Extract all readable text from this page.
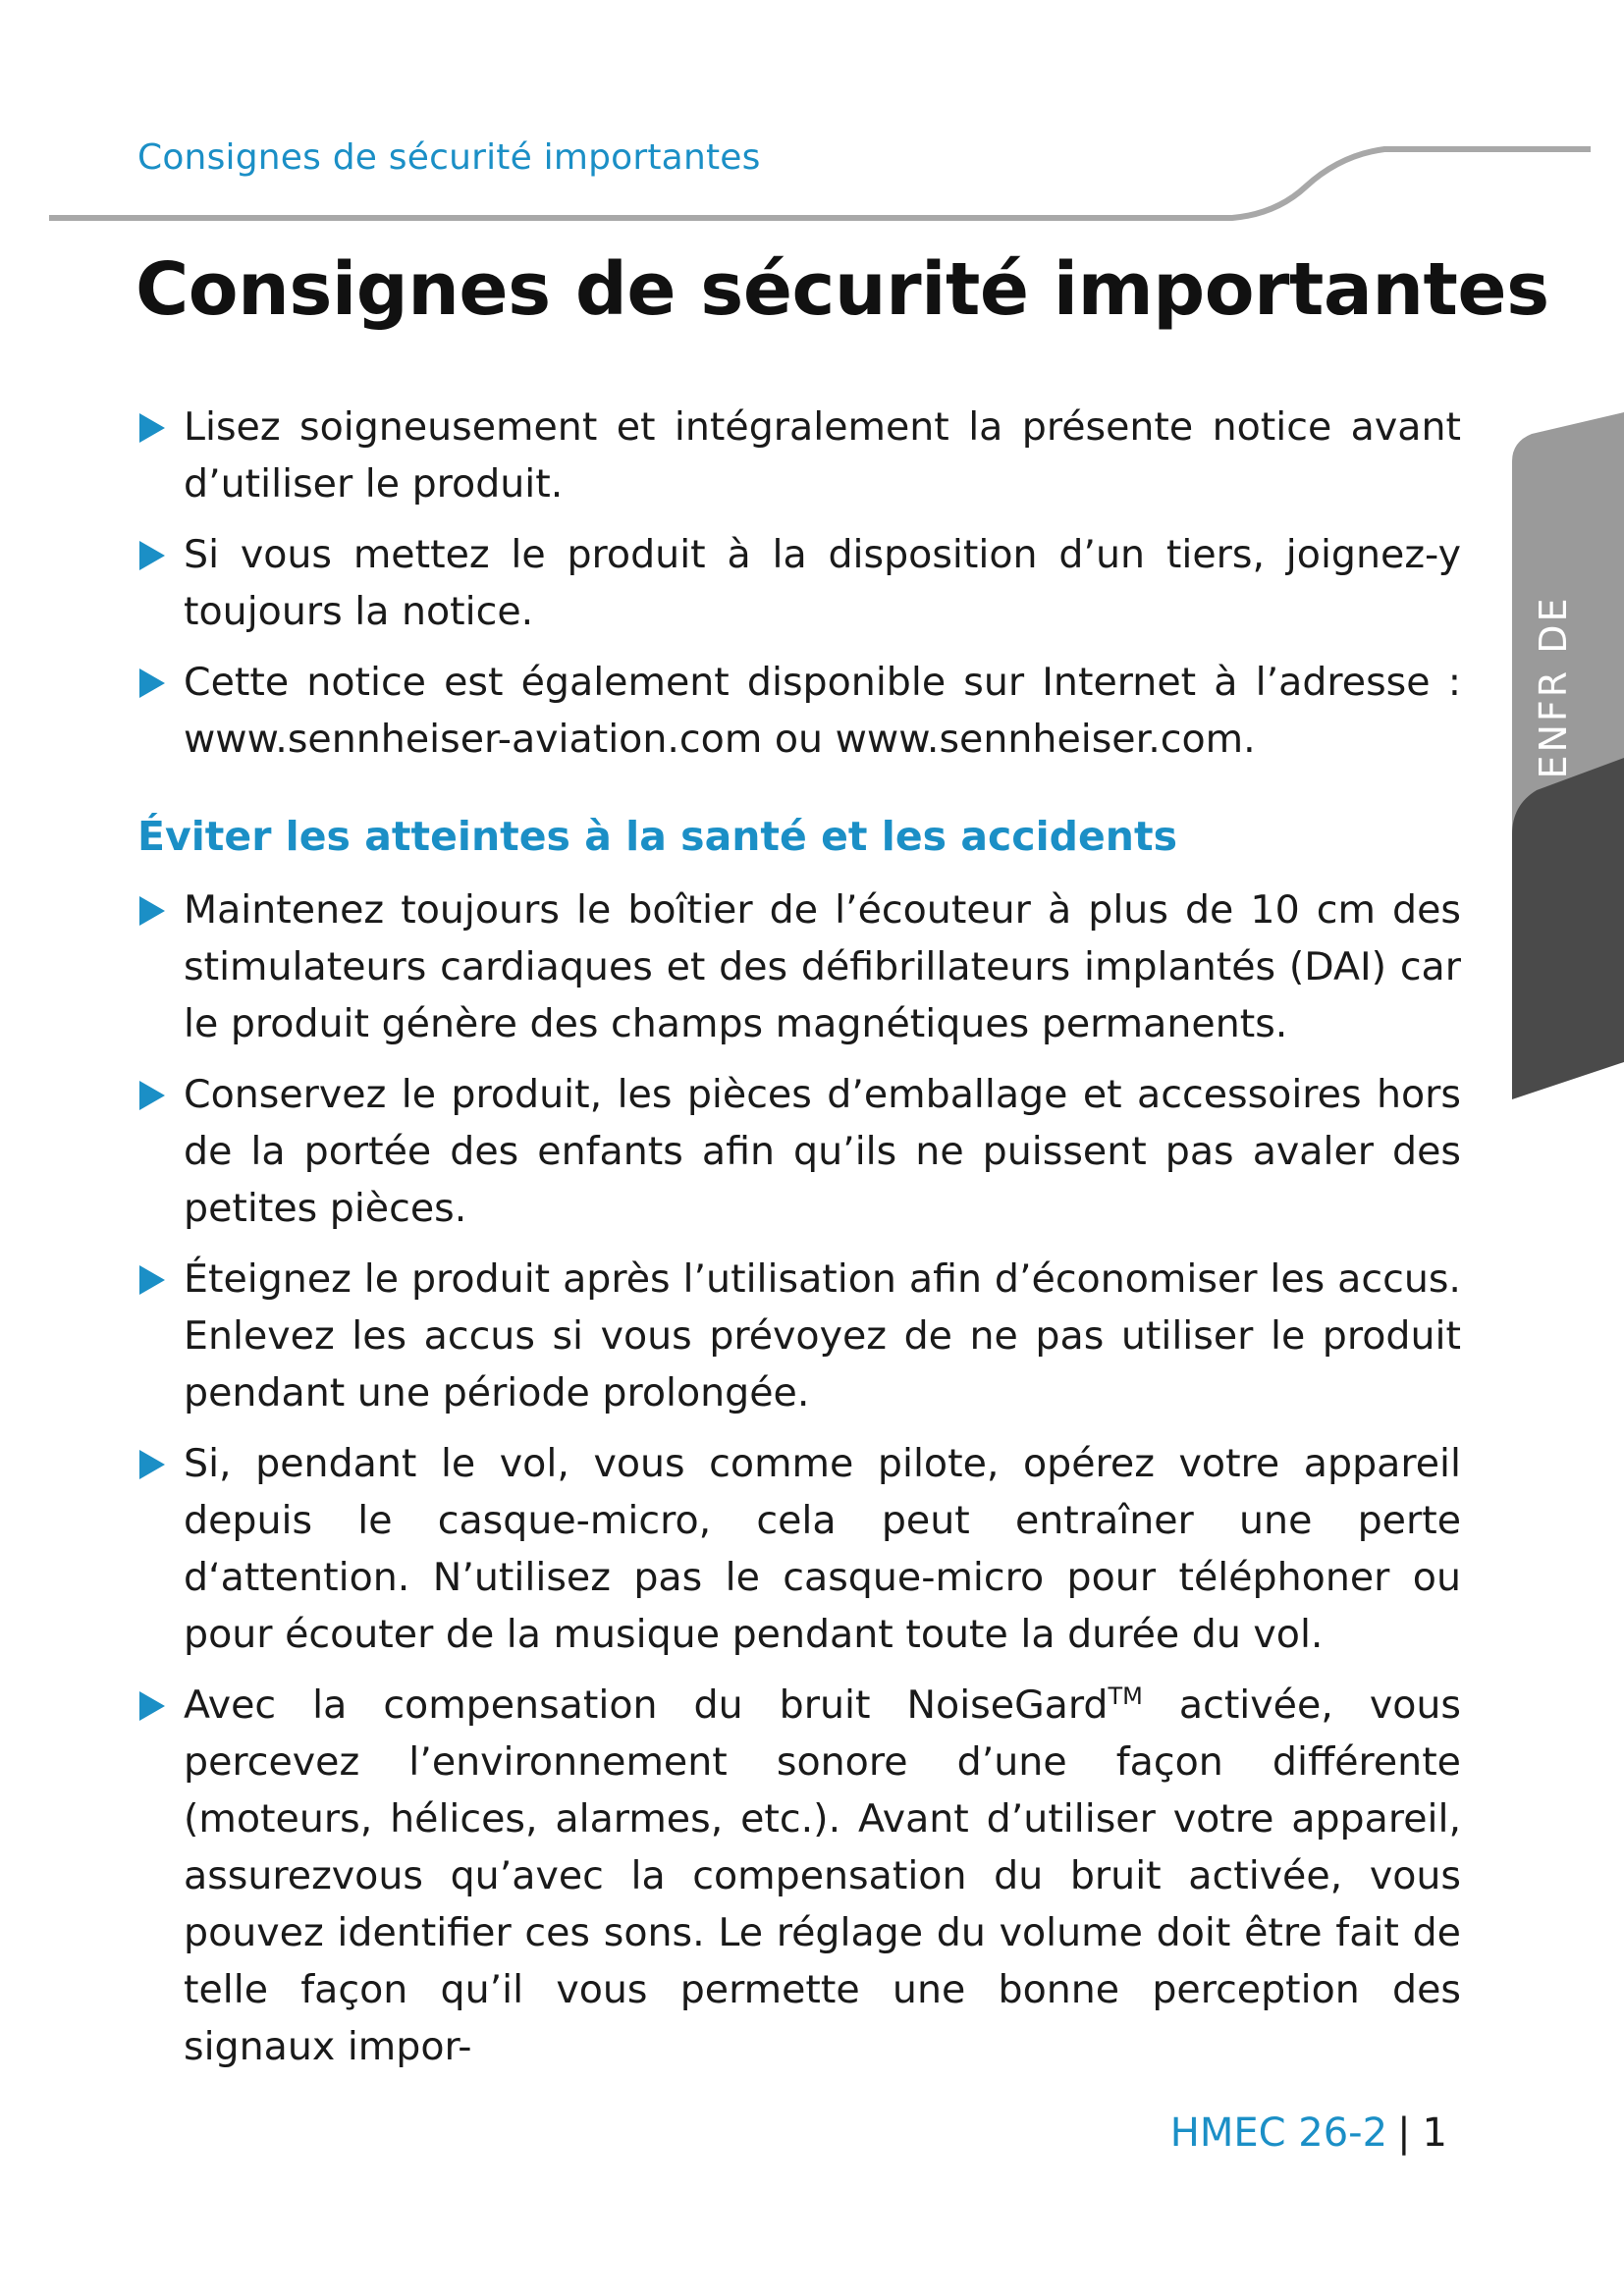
Consignes de sécurité importantes
Consignes de sécurité importantes

Lisez soigneusement et intégralement la présente notice avant d’utiliser le produit.

Si vous mettez le produit à la disposition d’un tiers, joignez-y toujours la notice.

Cette notice est également disponible sur Internet à l’adresse : www.sennheiser-aviation.com ou www.sennheiser.com.

Éviter les atteintes à la santé et les accidents

Maintenez toujours le boîtier de l’écouteur à plus de 10 cm des stimulateurs cardiaques et des défibrillateurs implantés (DAI) car le produit génère des champs magnétiques permanents.

Conservez le produit, les pièces d’emballage et accessoires hors de la portée des enfants afin qu’ils ne puissent pas avaler des petites pièces.

Éteignez le produit après l’utilisation afin d’économiser les accus. Enlevez les accus si vous prévoyez de ne pas utiliser le produit pendant une période prolongée.

Si, pendant le vol, vous comme pilote, opérez votre appareil depuis le casque-micro, cela peut entraîner une perte d‘attention. N’utilisez pas le casque-micro pour téléphoner ou pour écouter de la musique pendant toute la durée du vol.

Avec la compensation du bruit NoiseGard™ activée, vous percevez l’environnement sonore d’une façon différente (moteurs, hélices, alarmes, etc.). Avant d’utiliser votre appareil, assurezvous qu’avec la compensation du bruit activée, vous pouvez identifier ces sons. Le réglage du volume doit être fait de telle façon qu’il vous permette une bonne perception des signaux impor-

ENFR DE
HMEC 26-2 | 1
